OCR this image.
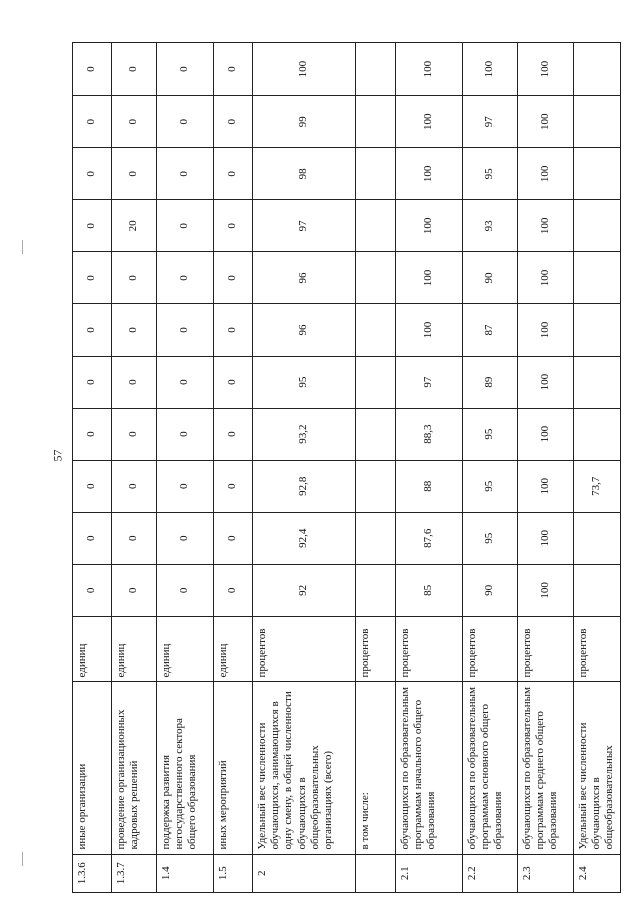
57
1.3.6	иные организации	единиц	0	0	0	0	0	0	0	0	0	0	0
1.3.7	проведение организационных кадровых решений	единиц	0	0	0	0	0	0	0	20	0	0	0
1.4	поддержка развития негосударственного сектора общего образования	единиц	0	0	0	0	0	0	0	0	0	0	0
1.5	иных мероприятий	единиц	0	0	0	0	0	0	0	0	0	0	0
2	Удельный вес численности обучающихся, занимающихся в одну смену, в общей численности обучающихся в общеобразовательных организациях (всего)	процентов	92	92,4	92,8	93,2	95	96	96	97	98	99	100
	в том числе:	процентов											
2.1	обучающихся по образовательным программам начального общего образования	процентов	85	87,6	88	88,3	97	100	100	100	100	100	100
2.2	обучающихся по образовательным программам основного общего образования	процентов	90	95	95	95	89	87	90	93	95	97	100
2.3	обучающихся по образовательным программам среднего общего образования	процентов	100	100	100	100	100	100	100	100	100	100	100
2.4	Удельный вес численности обучающихся в общеобразовательных	процентов			73,7								
